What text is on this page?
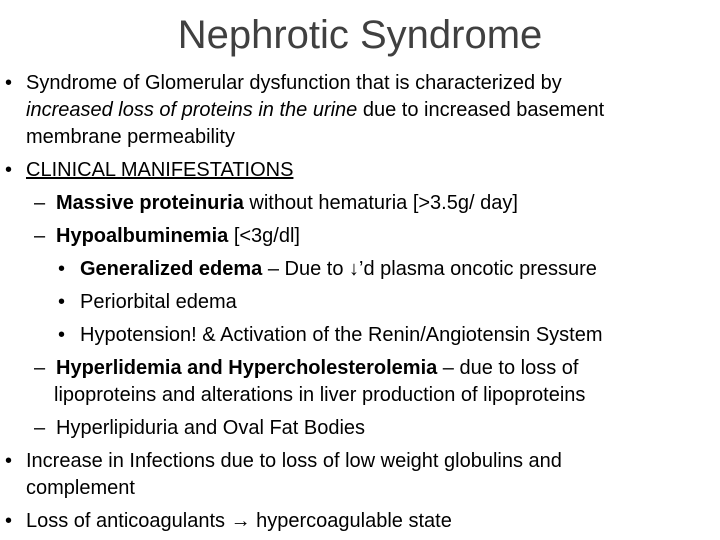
Nephrotic Syndrome
• Syndrome of Glomerular dysfunction that is characterized by
increased loss of proteins in the urine due to increased basement
membrane permeability
• CLINICAL MANIFESTATIONS
– Massive proteinuria without hematuria [>3.5g/ day]
– Hypoalbuminemia [<3g/dl]
• Generalized edema – Due to ↓’d plasma oncotic pressure
• Periorbital edema
• Hypotension! & Activation of the Renin/Angiotensin System
– Hyperlidemia and Hypercholesterolemia – due to loss of
lipoproteins and alterations in liver production of lipoproteins
– Hyperlipiduria and Oval Fat Bodies
• Increase in Infections due to loss of low weight globulins and
complement
• Loss of anticoagulants → hypercoagulable state
